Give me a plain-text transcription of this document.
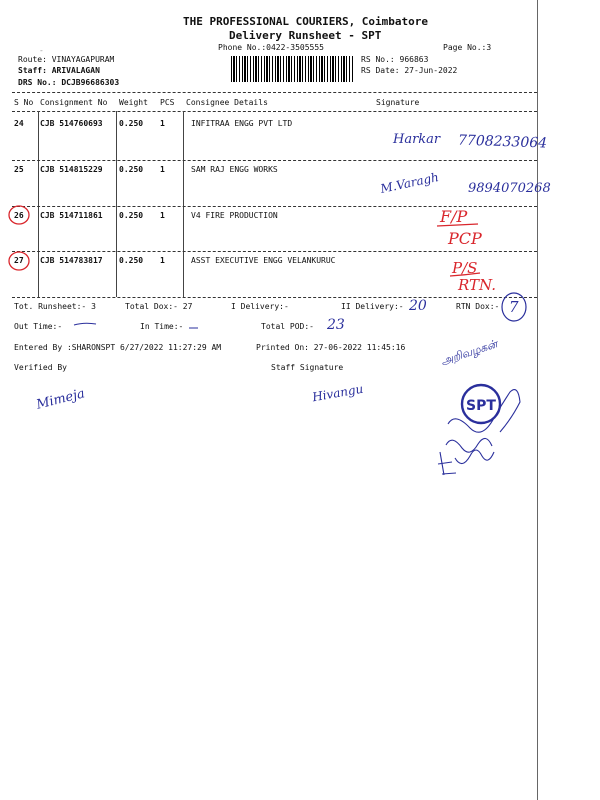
THE PROFESSIONAL COURIERS, Coimbatore
Delivery Runsheet - SPT
Phone No.:0422-3505555	Page No.:3
-
Route: VINAYAGAPURAM
Staff: ARIVALAGAN
DRS No.: DCJB96686303
RS No.: 966863
RS Date: 27-Jun-2022
S No Consignment No Weight PCS Consignee Details	Signature
24 CJB 514760693 0.250 1	INFITRAA ENGG PVT LTD
Harkar 7708233064
25 CJB 514815229 0.250 1	SAM RAJ ENGG WORKS
M.Varagh 9894070268
26 CJB 514711861 0.250 1	V4 FIRE PRODUCTION	F/P
PCP
27 CJB 514783817 0.250 1	ASST EXECUTIVE ENGG VELANKURUC	P/S
RTN.
Tot. Runsheet:- 3	Total Dox:- 27	I Delivery:-	II Delivery:- 20	RTN Dox:- 7
Out Time:-	In Time:-	Total POD:- 23
Entered By :SHARONSPT 6/27/2022 11:27:29 AM	Printed On: 27-06-2022 11:45:16
Verified By	Staff Signature
Mimeja	Hivangu
அறிவழகன்
SPT
